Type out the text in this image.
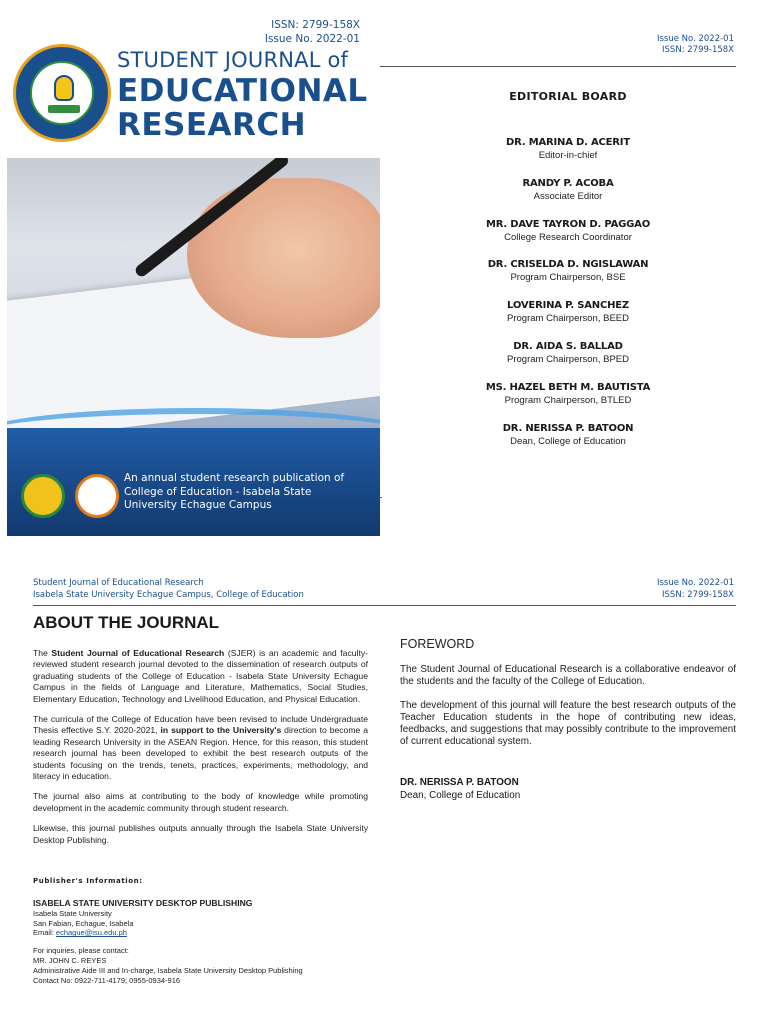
ISSN: 2799-158X
Issue No. 2022-01
STUDENT JOURNAL of
EDUCATIONAL
RESEARCH
An annual student research publication of College of Education - Isabela State University Echague Campus
Issue No. 2022-01
ISSN: 2799-158X
EDITORIAL BOARD
DR. MARINA D. ACERIT
Editor-in-chief
RANDY P. ACOBA
Associate Editor
MR. DAVE TAYRON D. PAGGAO
College Research Coordinator
DR. CRISELDA D. NGISLAWAN
Program Chairperson, BSE
LOVERINA P. SANCHEZ
Program Chairperson, BEED
DR. AIDA S. BALLAD
Program Chairperson, BPED
MS. HAZEL BETH M. BAUTISTA
Program Chairperson, BTLED
DR. NERISSA P. BATOON
Dean, College of Education
Student Journal of Educational Research
Isabela State University Echague Campus, College of Education
Issue No. 2022-01
ISSN: 2799-158X
ABOUT THE JOURNAL

The Student Journal of Educational Research (SJER) is an academic and faculty-reviewed student research journal devoted to the dissemination of research outputs of graduating students of the College of Education - Isabela State University Echague Campus in the fields of Language and Literature, Mathematics, Social Studies, Elementary Education, Technology and Livelihood Education, and Physical Education.

The curricula of the College of Education have been revised to include Undergraduate Thesis effective S.Y. 2020-2021, in support to the University's direction to become a leading Research University in the ASEAN Region. Hence, for this reason, this student research journal has been developed to exhibit the best research outputs of the students focusing on the trends, tenets, practices, experiments, methodology, and literacy in education.

The journal also aims at contributing to the body of knowledge while promoting development in the academic community through student research.

Likewise, this journal publishes outputs annually through the Isabela State University Desktop Publishing.

FOREWORD

The Student Journal of Educational Research is a collaborative endeavor of the students and the faculty of the College of Education.

The development of this journal will feature the best research outputs of the Teacher Education students in the hope of contributing new ideas, feedbacks, and suggestions that may possibly contribute to the improvement of current educational system.

DR. NERISSA P. BATOON
Dean, College of Education
Publisher's Information:
ISABELA STATE UNIVERSITY DESKTOP PUBLISHING
Isabela State University
San Fabian, Echague, Isabela
Email: echague@isu.edu.ph
For inquiries, please contact:
MR. JOHN C. REYES
Administrative Aide III and In-charge, Isabela State University Desktop Publishing
Contact No: 0922-711-4179; 0955-0934-916
